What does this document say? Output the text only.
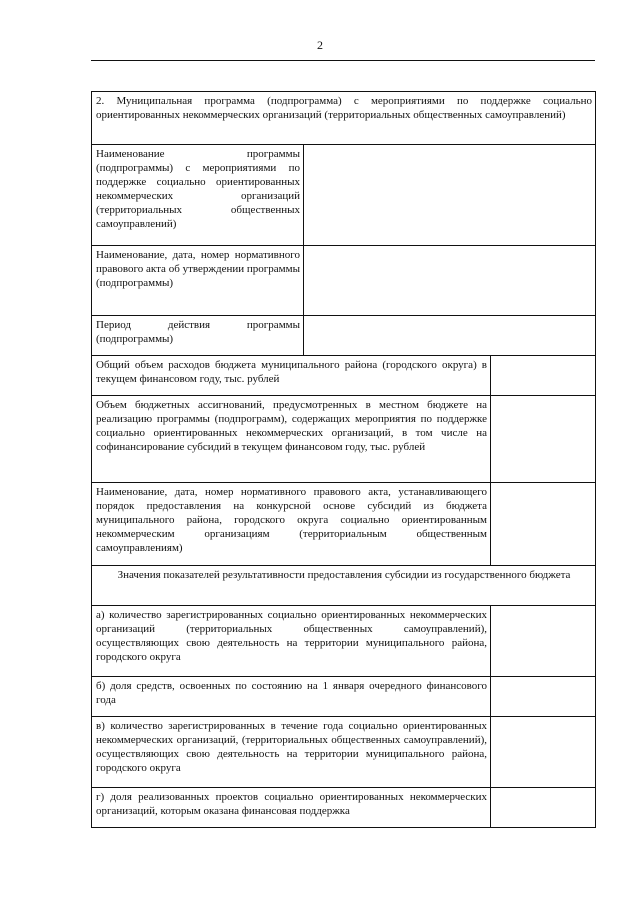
2
2. Муниципальная программа (подпрограмма) с мероприятиями по поддержке социально ориентированных некоммерческих организаций (территориальных общественных самоуправлений)	
Наименование программы (подпрограммы) с мероприятиями по поддержке социально ориентированных некоммерческих организаций (территориальных общественных самоуправлений)	
Наименование, дата, номер нормативного правового акта об утверждении программы (подпрограммы)	
Период действия программы (подпрограммы)	
Общий объем расходов бюджета муниципального района (городского округа) в текущем финансовом году, тыс. рублей	
Объем бюджетных ассигнований, предусмотренных в местном бюджете на реализацию программы (подпрограмм), содержащих мероприятия по поддержке социально ориентированных некоммерческих организаций, в том числе на софинансирование субсидий в текущем финансовом году, тыс. рублей	
Наименование, дата, номер нормативного правового акта, устанавливающего порядок предоставления на конкурсной основе субсидий из бюджета муниципального района, городского округа социально ориентированным некоммерческим организациям (территориальным общественным самоуправлениям)	
Значения показателей результативности предоставления субсидии из государственного бюджета	
а) количество зарегистрированных социально ориентированных некоммерческих организаций (территориальных общественных самоуправлений), осуществляющих свою деятельность на территории муниципального района, городского округа	
б) доля средств, освоенных по состоянию на 1 января очередного финансового года	
в) количество зарегистрированных в течение года социально ориентированных некоммерческих организаций, (территориальных общественных самоуправлений), осуществляющих свою деятельность на территории муниципального района, городского округа	
г) доля реализованных проектов социально ориентированных некоммерческих организаций, которым оказана финансовая поддержка	
